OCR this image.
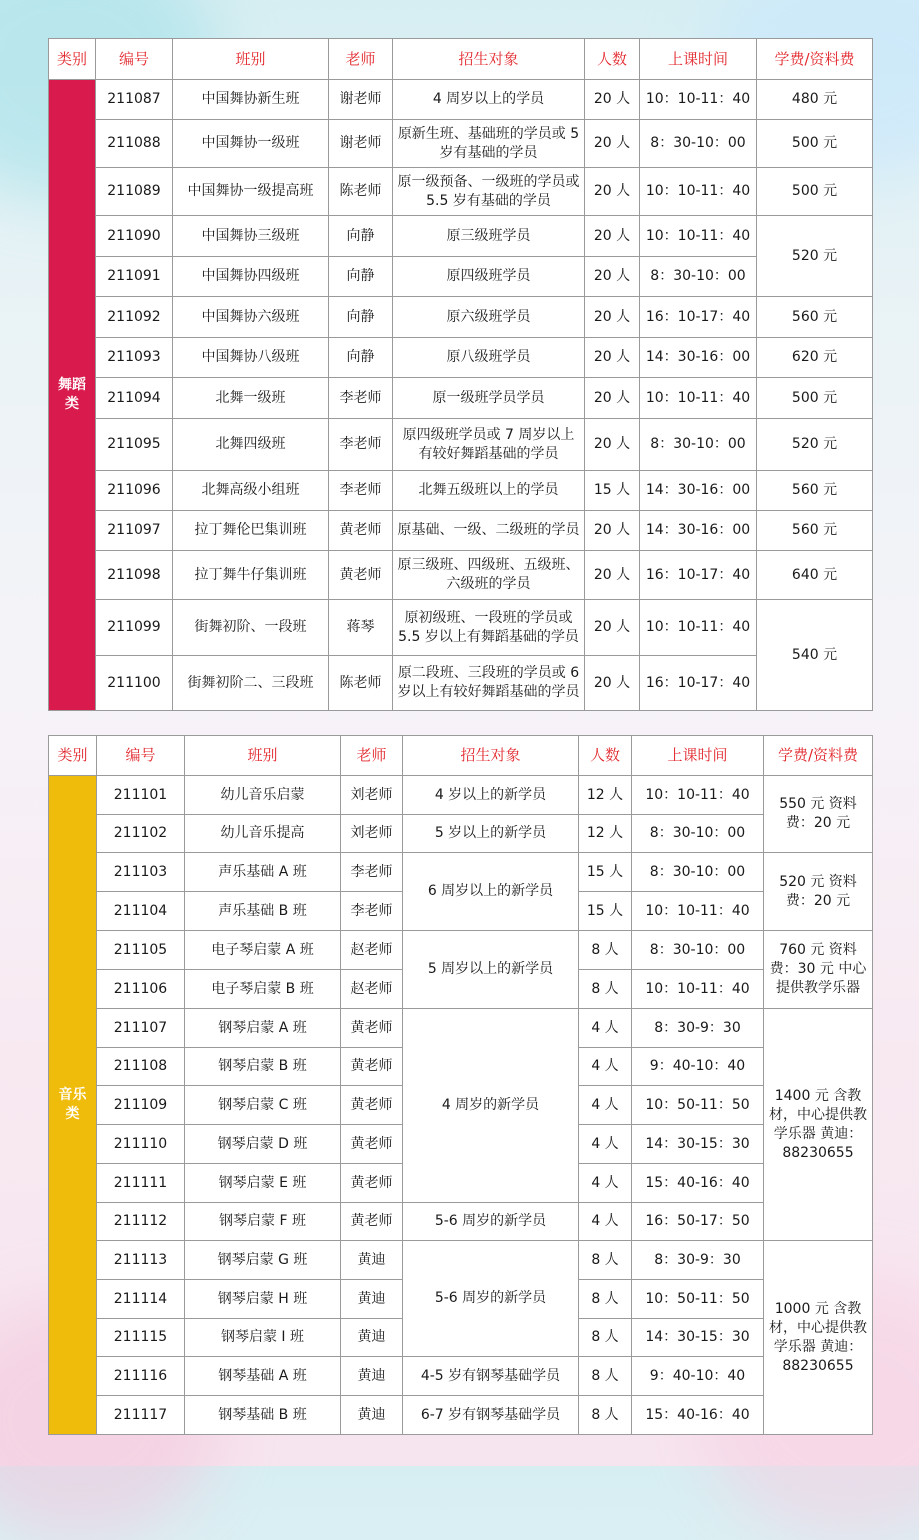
类别	编号	班别	老师	招生对象	人数	上课时间	学费/资料费
舞蹈类	211087	中国舞协新生班	谢老师	4 周岁以上的学员	20 人	10：10-11：40	480 元
	211088	中国舞协一级班	谢老师	原新生班、基础班的学员或 5 岁有基础的学员	20 人	8：30-10：00	500 元
	211089	中国舞协一级提高班	陈老师	原一级预备、一级班的学员或 5.5 岁有基础的学员	20 人	10：10-11：40	500 元
	211090	中国舞协三级班	向静	原三级班学员	20 人	10：10-11：40	520 元
	211091	中国舞协四级班	向静	原四级班学员	20 人	8：30-10：00	
	211092	中国舞协六级班	向静	原六级班学员	20 人	16：10-17：40	560 元
	211093	中国舞协八级班	向静	原八级班学员	20 人	14：30-16：00	620 元
	211094	北舞一级班	李老师	原一级班学员学员	20 人	10：10-11：40	500 元
	211095	北舞四级班	李老师	原四级班学员或 7 周岁以上有较好舞蹈基础的学员	20 人	8：30-10：00	520 元
	211096	北舞高级小组班	李老师	北舞五级班以上的学员	15 人	14：30-16：00	560 元
	211097	拉丁舞伦巴集训班	黄老师	原基础、一级、二级班的学员	20 人	14：30-16：00	560 元
	211098	拉丁舞牛仔集训班	黄老师	原三级班、四级班、五级班、六级班的学员	20 人	16：10-17：40	640 元
	211099	街舞初阶、一段班	蒋琴	原初级班、一段班的学员或 5.5 岁以上有舞蹈基础的学员	20 人	10：10-11：40	540 元
	211100	街舞初阶二、三段班	陈老师	原二段班、三段班的学员或 6 岁以上有较好舞蹈基础的学员	20 人	16：10-17：40	
类别	编号	班别	老师	招生对象	人数	上课时间	学费/资料费
音乐类	211101	幼儿音乐启蒙	刘老师	4 岁以上的新学员	12 人	10：10-11：40	550 元 资料费：20 元
	211102	幼儿音乐提高	刘老师	5 岁以上的新学员	12 人	8：30-10：00	
	211103	声乐基础 A 班	李老师	6 周岁以上的新学员	15 人	8：30-10：00	520 元 资料费：20 元
	211104	声乐基础 B 班	李老师		15 人	10：10-11：40	
	211105	电子琴启蒙 A 班	赵老师	5 周岁以上的新学员	8 人	8：30-10：00	760 元 资料费：30 元 中心提供教学乐器
	211106	电子琴启蒙 B 班	赵老师		8 人	10：10-11：40	
	211107	钢琴启蒙 A 班	黄老师	4 周岁的新学员	4 人	8：30-9：30	1400 元 含教材，中心提供教学乐器 黄迪：88230655
	211108	钢琴启蒙 B 班	黄老师		4 人	9：40-10：40	
	211109	钢琴启蒙 C 班	黄老师		4 人	10：50-11：50	
	211110	钢琴启蒙 D 班	黄老师		4 人	14：30-15：30	
	211111	钢琴启蒙 E 班	黄老师		4 人	15：40-16：40	
	211112	钢琴启蒙 F 班	黄老师	5-6 周岁的新学员	4 人	16：50-17：50	
	211113	钢琴启蒙 G 班	黄迪	5-6 周岁的新学员	8 人	8：30-9：30	1000 元 含教材，中心提供教学乐器 黄迪：88230655
	211114	钢琴启蒙 H 班	黄迪		8 人	10：50-11：50	
	211115	钢琴启蒙 I 班	黄迪		8 人	14：30-15：30	
	211116	钢琴基础 A 班	黄迪	4-5 岁有钢琴基础学员	8 人	9：40-10：40	
	211117	钢琴基础 B 班	黄迪	6-7 岁有钢琴基础学员	8 人	15：40-16：40	
